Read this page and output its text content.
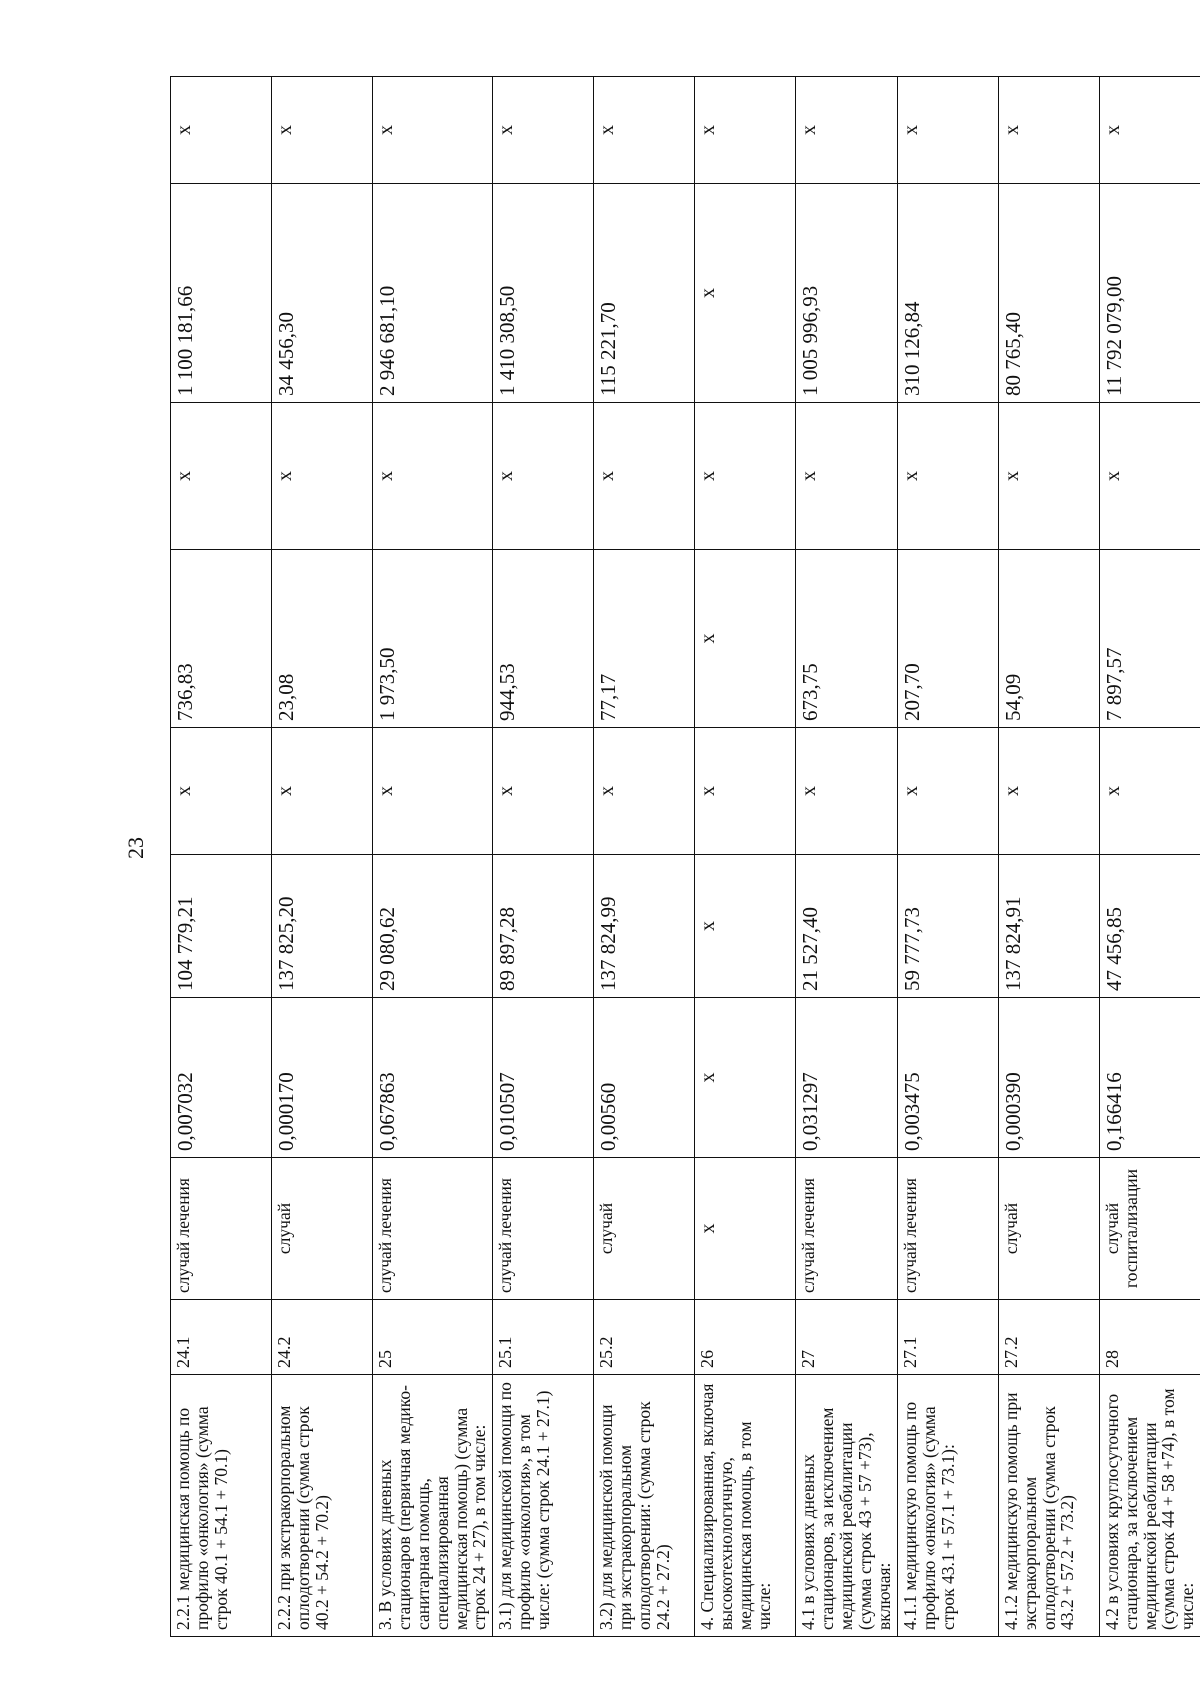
23
2.2.1 медицинская помощь по профилю «онкология» (сумма строк 40.1 + 54.1 + 70.1)	24.1	случай лечения	0,007032	104 779,21	х	736,83	х	1 100 181,66	х
2.2.2 при экстракорпоральном оплодотворении (сумма строк 40.2 + 54.2 + 70.2)	24.2	случай	0,000170	137 825,20	х	23,08	х	34 456,30	х
3. В условиях дневных стационаров (первичная медико-санитарная помощь, специализированная медицинская помощь) (сумма строк 24 + 27), в том числе:	25	случай лечения	0,067863	29 080,62	х	1 973,50	х	2 946 681,10	х
3.1) для медицинской помощи по профилю «онкология», в том числе: (сумма строк 24.1 + 27.1)	25.1	случай лечения	0,010507	89 897,28	х	944,53	х	1 410 308,50	х
3.2) для медицинской помощи при экстракорпоральном оплодотворении: (сумма строк 24.2 + 27.2)	25.2	случай	0,00560	137 824,99	х	77,17	х	115 221,70	х
4. Специализированная, включая высокотехнологичную, медицинская помощь, в том числе:	26	х	х	х	х	х	х	х	х
4.1 в условиях дневных стационаров, за исключением медицинской реабилитации (сумма строк 43 + 57 +73), включая:	27	случай лечения	0,031297	21 527,40	х	673,75	х	1 005 996,93	х
4.1.1 медицинскую помощь по профилю «онкология» (сумма строк 43.1 + 57.1 + 73.1):	27.1	случай лечения	0,003475	59 777,73	х	207,70	х	310 126,84	х
4.1.2 медицинскую помощь при экстракорпоральном оплодотворении (сумма строк 43.2 + 57.2 + 73.2)	27.2	случай	0,000390	137 824,91	х	54,09	х	80 765,40	х
4.2 в условиях круглосуточного стационара, за исключением медицинской реабилитации (сумма строк 44 + 58 +74), в том числе:	28	случай госпитализации	0,166416	47 456,85	х	7 897,57	х	11 792 079,00	х
